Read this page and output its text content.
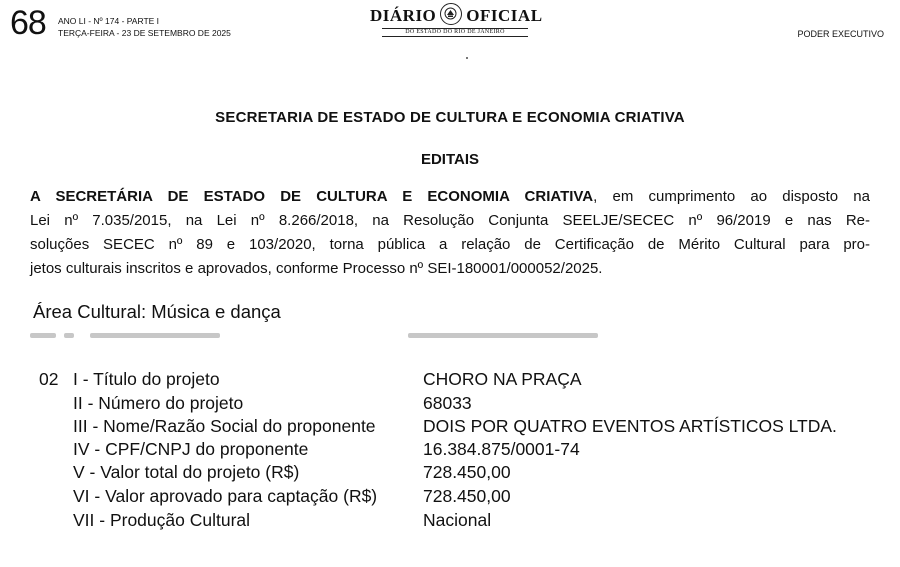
68 ANO LI - Nº 174 - PARTE I
TERÇA-FEIRA - 23 DE SETEMBRO DE 2025
DIÁRIO OFICIAL
DO ESTADO DO RIO DE JANEIRO	PODER EXECUTIVO
SECRETARIA DE ESTADO DE CULTURA E ECONOMIA CRIATIVA
EDITAIS
A SECRETÁRIA DE ESTADO DE CULTURA E ECONOMIA CRIATIVA, em cumprimento ao disposto na
Lei nº 7.035/2015, na Lei nº 8.266/2018, na Resolução Conjunta SEELJE/SECEC nº 96/2019 e nas Re-
soluções SECEC nº 89 e 103/2020, torna pública a relação de Certificação de Mérito Cultural para pro-
jetos culturais inscritos e aprovados, conforme Processo nº SEI-180001/000052/2025.
Área Cultural: Música e dança
02 I - Título do projeto	CHORO NA PRAÇA
II - Número do projeto	68033
III - Nome/Razão Social do proponente	DOIS POR QUATRO EVENTOS ARTÍSTICOS LTDA.
IV - CPF/CNPJ do proponente	16.384.875/0001-74
V - Valor total do projeto (R$)	728.450,00
VI - Valor aprovado para captação (R$)	728.450,00
VII - Produção Cultural	Nacional
